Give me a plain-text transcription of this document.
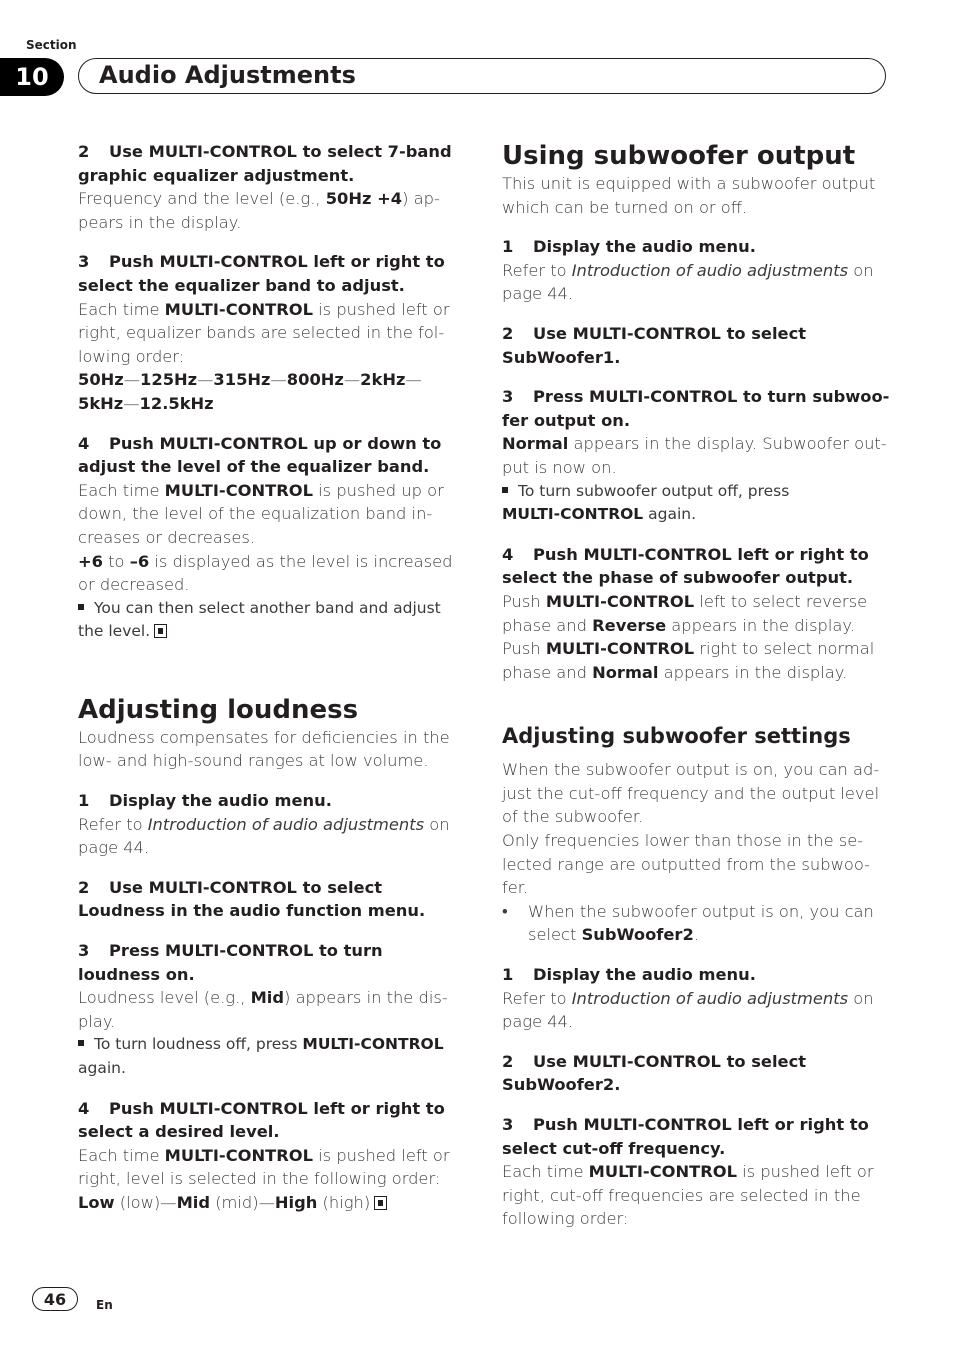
Section
10	Audio Adjustments

2 Use MULTI-CONTROL to select 7-band graphic equalizer adjustment.

Frequency and the level (e.g., 50Hz +4) ap- pears in the display.

3 Push MULTI-CONTROL left or right to select the equalizer band to adjust.

Each time MULTI-CONTROL is pushed left or right, equalizer bands are selected in the fol-lowing order:

50Hz—125Hz—315Hz—800Hz—2kHz—
5kHz—12.5kHz

4 Push MULTI-CONTROL up or down to adjust the level of the equalizer band.

Each time MULTI-CONTROL is pushed up or down, the level of the equalization band in-creases or decreases.

+6 to –6 is displayed as the level is increased or decreased.

You can then select another band and adjust the level.

Adjusting loudness

Loudness compensates for deficiencies in the low- and high-sound ranges at low volume.

1 Display the audio menu.

Refer to Introduction of audio adjustments on page 44.

2 Use MULTI-CONTROL to select Loudness in the audio function menu.

3 Press MULTI-CONTROL to turn loudness on.

Loudness level (e.g., Mid) appears in the dis-play.

To turn loudness off, press MULTI-CONTROL again.

4 Push MULTI-CONTROL left or right to select a desired level.

Each time MULTI-CONTROL is pushed left or right, level is selected in the following order:

Low (low)—Mid (mid)—High (high)

Using subwoofer output

This unit is equipped with a subwoofer output which can be turned on or off.

1 Display the audio menu.

Refer to Introduction of audio adjustments on page 44.

2 Use MULTI-CONTROL to select SubWoofer1.

3 Press MULTI-CONTROL to turn subwoo-fer output on.

Normal appears in the display. Subwoofer out-put is now on.

To turn subwoofer output off, press
MULTI-CONTROL again.

4 Push MULTI-CONTROL left or right to select the phase of subwoofer output.

Push MULTI-CONTROL left to select reverse phase and Reverse appears in the display.

Push MULTI-CONTROL right to select normal phase and Normal appears in the display.

Adjusting subwoofer settings

When the subwoofer output is on, you can ad-just the cut-off frequency and the output level of the subwoofer.

Only frequencies lower than those in the se-lected range are outputted from the subwoo-fer.

•	When the subwoofer output is on, you can select SubWoofer2.

1 Display the audio menu.

Refer to Introduction of audio adjustments on page 44.

2 Use MULTI-CONTROL to select SubWoofer2.

3 Push MULTI-CONTROL left or right to select cut-off frequency.

Each time MULTI-CONTROL is pushed left or right, cut-off frequencies are selected in the following order:

46	En
